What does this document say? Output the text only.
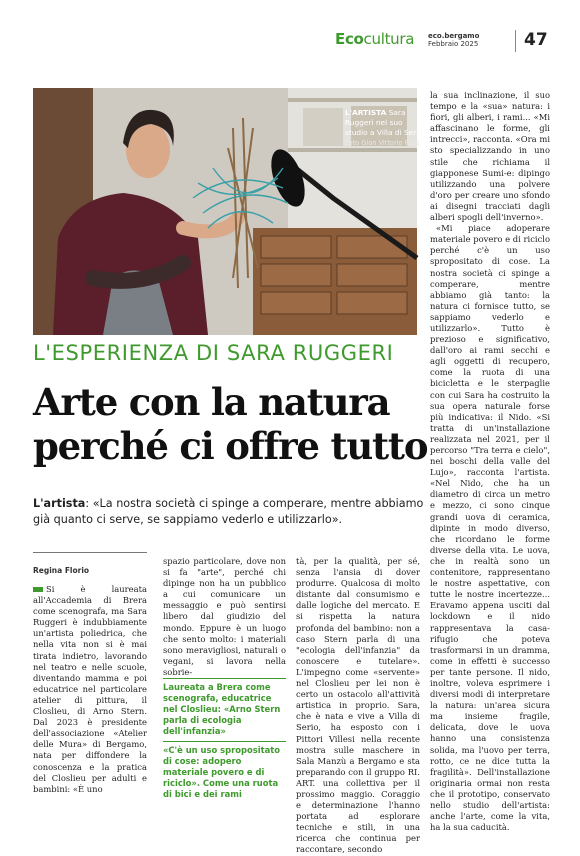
Ecocultura eco.bergamo
Febbraio 2025	47
L'ARTISTA Sara Ruggeri nel suo studio a Villa di Serio Foto Gian Vittorio Frau
L'ESPERIENZA DI SARA RUGGERI
Arte con la natura
perché ci offre tutto
L'artista: «La nostra società ci spinge a comperare, mentre abbiamo già quanto ci serve, se sappiamo vederlo e utilizzarlo».
Regina Florio

Si è laureata all'Accademia di Brera come scenografa, ma Sara Ruggeri è indubbiamente un'artista poliedrica, che nella vita non si è mai tirata indietro, lavorando nel teatro e nelle scuole, diventando mamma e poi educatrice nel particolare atelier di pittura, il Closlieu, di Arno Stern. Dal 2023 è presidente dell'associazione «Atelier delle Mura» di Bergamo, nata per diffondere la conoscenza e la pratica del Closlieu per adulti e bambini: «È uno

spazio particolare, dove non si fa "arte", perché chi dipinge non ha un pubblico a cui comunicare un messaggio e può sentirsi libero dal giudizio del mondo. Eppure è un luogo che sento molto: i materiali sono meravigliosi, naturali o vegani, si lavora nella sobrie-

Laureata a Brera come scenografa, educatrice nel Closlieu: «Arno Stern parla di ecologia dell'infanzia»
«C'è un uso spropositato di cose: adopero materiale povero e di riciclo». Come una ruota di bici e dei rami

tà, per la qualità, per sé, senza l'ansia di dover produrre. Qualcosa di molto distante dal consumismo e dalle logiche del mercato. E si rispetta la natura profonda del bambino: non a caso Stern parla di una "ecologia dell'infanzia" da conoscere e tutelare». L'impegno come «servente» nel Closlieu per lei non è certo un ostacolo all'attività artistica in proprio. Sara, che è nata e vive a Villa di Serio, ha esposto con i Pittori Villesi nella recente mostra sulle maschere in Sala Manzù a Bergamo e sta preparando con il gruppo RI. ART. una collettiva per il prossimo maggio. Coraggio e determinazione l'hanno portata ad esplorare tecniche e stili, in una ricerca che continua per raccontare, secondo

la sua inclinazione, il suo tempo e la «sua» natura: i fiori, gli alberi, i rami... «Mi affascinano le forme, gli intrecci», racconta. «Ora mi sto specializzando in uno stile che richiama il giapponese Sumi-e: dipingo utilizzando una polvere d'oro per creare uno sfondo ai disegni tracciati dagli alberi spogli dell'inverno».

«Mi piace adoperare materiale povero e di riciclo perché c'è un uso spropositato di cose. La nostra società ci spinge a comperare, mentre abbiamo già tanto: la natura ci fornisce tutto, se sappiamo vederlo e utilizzarlo». Tutto è prezioso e significativo, dall'oro ai rami secchi e agli oggetti di recupero, come la ruota di una bicicletta e le sterpaglie con cui Sara ha costruito la sua opera naturale forse più indicativa: il Nido. «Si tratta di un'installazione realizzata nel 2021, per il percorso "Tra terra e cielo", nei boschi della valle del Lujo», racconta l'artista. «Nel Nido, che ha un diametro di circa un metro e mezzo, ci sono cinque grandi uova di ceramica, dipinte in modo diverso, che ricordano le forme diverse della vita. Le uova, che in realtà sono un contenitore, rappresentano le nostre aspettative, con tutte le nostre incertezze... Eravamo appena usciti dal lockdown e il nido rappresentava la casa-rifugio che poteva trasformarsi in un dramma, come in effetti è successo per tante persone. Il nido, inoltre, voleva esprimere i diversi modi di interpretare la natura: un'area sicura ma insieme fragile, delicata, dove le uova hanno una consistenza solida, ma l'uovo per terra, rotto, ce ne dice tutta la fragilità». Dell'installazione originaria ormai non resta che il prototipo, conservato nello studio dell'artista: anche l'arte, come la vita, ha la sua caducità.
